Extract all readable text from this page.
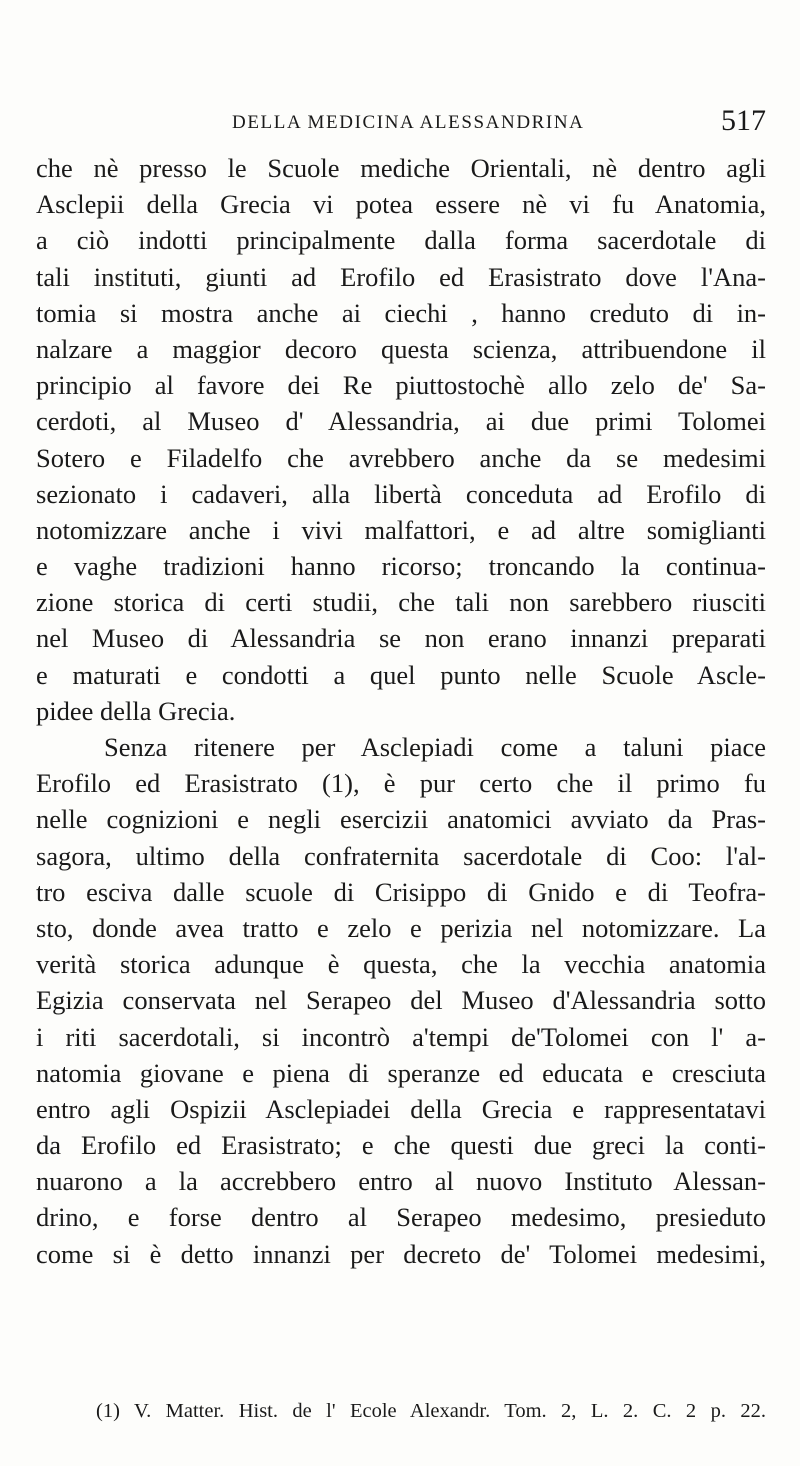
DELLA MEDICINA ALESSANDRINA	517
che nè presso le Scuole mediche Orientali, nè dentro agli
Asclepii della Grecia vi potea essere nè vi fu Anatomia,
a ciò indotti principalmente dalla forma sacerdotale di
tali instituti, giunti ad Erofilo ed Erasistrato dove l'Ana-
tomia si mostra anche ai ciechi , hanno creduto di in-
nalzare a maggior decoro questa scienza, attribuendone il
principio al favore dei Re piuttostochè allo zelo de' Sa-
cerdoti, al Museo d' Alessandria, ai due primi Tolomei
Sotero e Filadelfo che avrebbero anche da se medesimi
sezionato i cadaveri, alla libertà conceduta ad Erofilo di
notomizzare anche i vivi malfattori, e ad altre somiglianti
e vaghe tradizioni hanno ricorso; troncando la continua-
zione storica di certi studii, che tali non sarebbero riusciti
nel Museo di Alessandria se non erano innanzi preparati
e maturati e condotti a quel punto nelle Scuole Ascle-
pidee della Grecia.
Senza ritenere per Asclepiadi come a taluni piace
Erofilo ed Erasistrato (1), è pur certo che il primo fu
nelle cognizioni e negli esercizii anatomici avviato da Pras-
sagora, ultimo della confraternita sacerdotale di Coo: l'al-
tro esciva dalle scuole di Crisippo di Gnido e di Teofra-
sto, donde avea tratto e zelo e perizia nel notomizzare. La
verità storica adunque è questa, che la vecchia anatomia
Egizia conservata nel Serapeo del Museo d'Alessandria sotto
i riti sacerdotali, si incontrò a'tempi de'Tolomei con l' a-
natomia giovane e piena di speranze ed educata e cresciuta
entro agli Ospizii Asclepiadei della Grecia e rappresentatavi
da Erofilo ed Erasistrato; e che questi due greci la conti-
nuarono a la accrebbero entro al nuovo Instituto Alessan-
drino, e forse dentro al Serapeo medesimo, presieduto
come si è detto innanzi per decreto de' Tolomei medesimi,
(1) V. Matter. Hist. de l' Ecole Alexandr. Tom. 2, L. 2. C. 2 p. 22.
